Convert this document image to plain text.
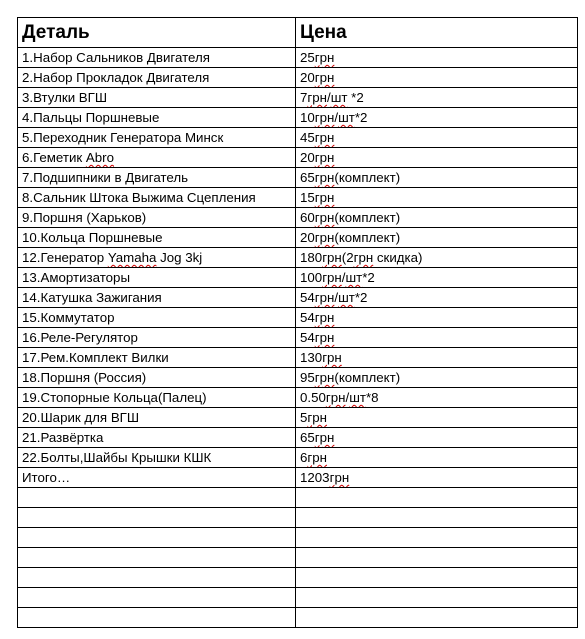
Деталь	Цена
1.Набор Сальников Двигателя	25грн
2.Набор Прокладок Двигателя	20грн
3.Втулки ВГШ	7грн/шт *2
4.Пальцы Поршневые	10грн/шт*2
5.Переходник Генератора Минск	45грн
6.Геметик Abro	20грн
7.Подшипники в Двигатель	65грн(комплект)
8.Сальник Штока Выжима Сцепления	15грн
9.Поршня (Харьков)	60грн(комплект)
10.Кольца Поршневые	20грн(комплект)
12.Генератор Yamaha Jog 3kj	180грн(2грн скидка)
13.Амортизаторы	100грн/шт*2
14.Катушка Зажигания	54грн/шт*2
15.Коммутатор	54грн
16.Реле-Регулятор	54грн
17.Рем.Комплект Вилки	130грн
18.Поршня (Россия)	95грн(комплект)
19.Стопорные Кольца(Палец)	0.50грн/шт*8
20.Шарик для ВГШ	5грн
21.Развёртка	65грн
22.Болты,Шайбы Крышки КШК	6грн
Итого…	1203грн
